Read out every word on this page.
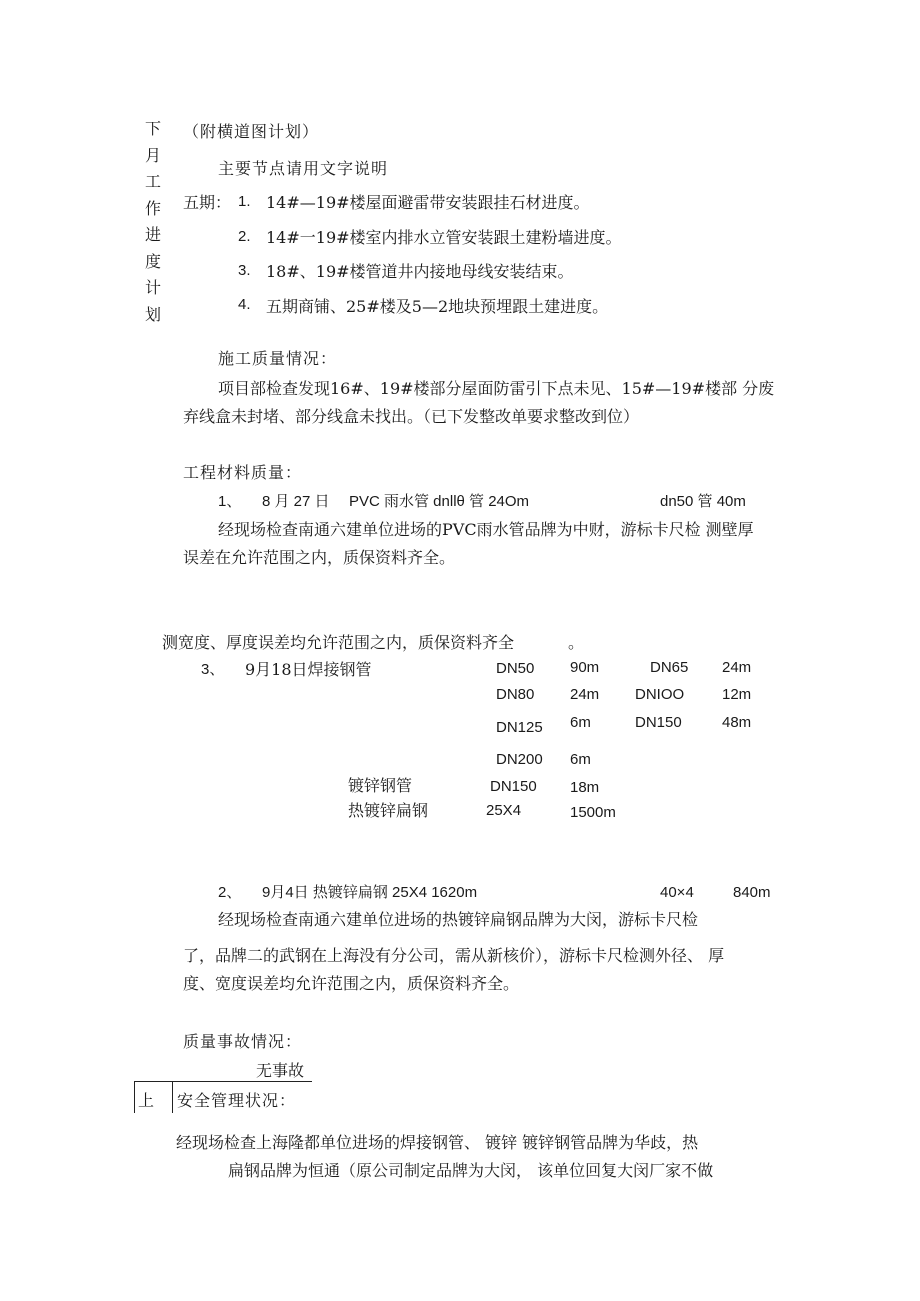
下月工作进度计划
（附横道图计划）
主要节点请用文字说明
五期： 1. 14#—19#楼屋面避雷带安装跟挂石材进度。
2. 14#一19#楼室内排水立管安装跟土建粉墙进度。
3. 18#、19#楼管道井内接地母线安装结束。
4. 五期商铺、25#楼及5—2地块预埋跟土建进度。
施工质量情况：
项目部检查发现16#、19#楼部分屋面防雷引下点未见、15#—19#楼部 分废
弃线盒未封堵、部分线盒未找出。（已下发整改单要求整改到位）
工程材料质量：
1、 8 月 27 日 PVC 雨水管 dnllθ 管 24Om	dn50 管 40m
经现场检查南通六建单位进场的PVC雨水管品牌为中财，游标卡尺检 测壁厚
误差在允许范围之内，质保资料齐全。
测宽度、厚度误差均允许范围之内，质保资料齐全	。
3、 9月18日焊接钢管	DN50 90m	DN65 24m
DN80 24m DNIOO	12m
DN125 6m	DN150	48m
DN200 6m
镀锌钢管	DN150 18m
热镀锌扁钢	25X4	1500m
2、 9月4日 热镀锌扁钢 25X4 1620m	40×4	840m
经现场检查南通六建单位进场的热镀锌扁钢品牌为大闵，游标卡尺检
了，品牌二的武钢在上海没有分公司，需从新核价），游标卡尺检测外径、 厚
度、宽度误差均允许范围之内，质保资料齐全。
质量事故情况：
无事故
上 安全管理状况：
经现场检查上海隆都单位进场的焊接钢管、 镀锌 镀锌钢管品牌为华歧，热
扁钢品牌为恒通（原公司制定品牌为大闵， 该单位回复大闵厂家不做
